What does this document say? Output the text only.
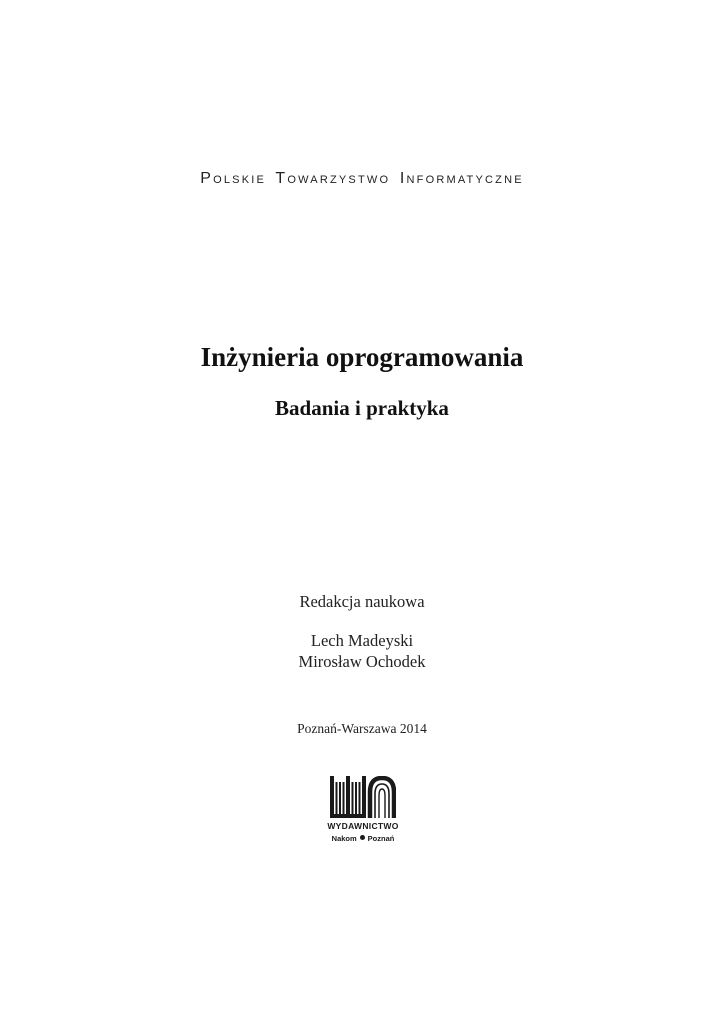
Polskie Towarzystwo Informatyczne
Inżynieria oprogramowania
Badania i praktyka
Redakcja naukowa
Lech Madeyski
Mirosław Ochodek
Poznań-Warszawa 2014
WYDAWNICTWO
Nakom Poznań
